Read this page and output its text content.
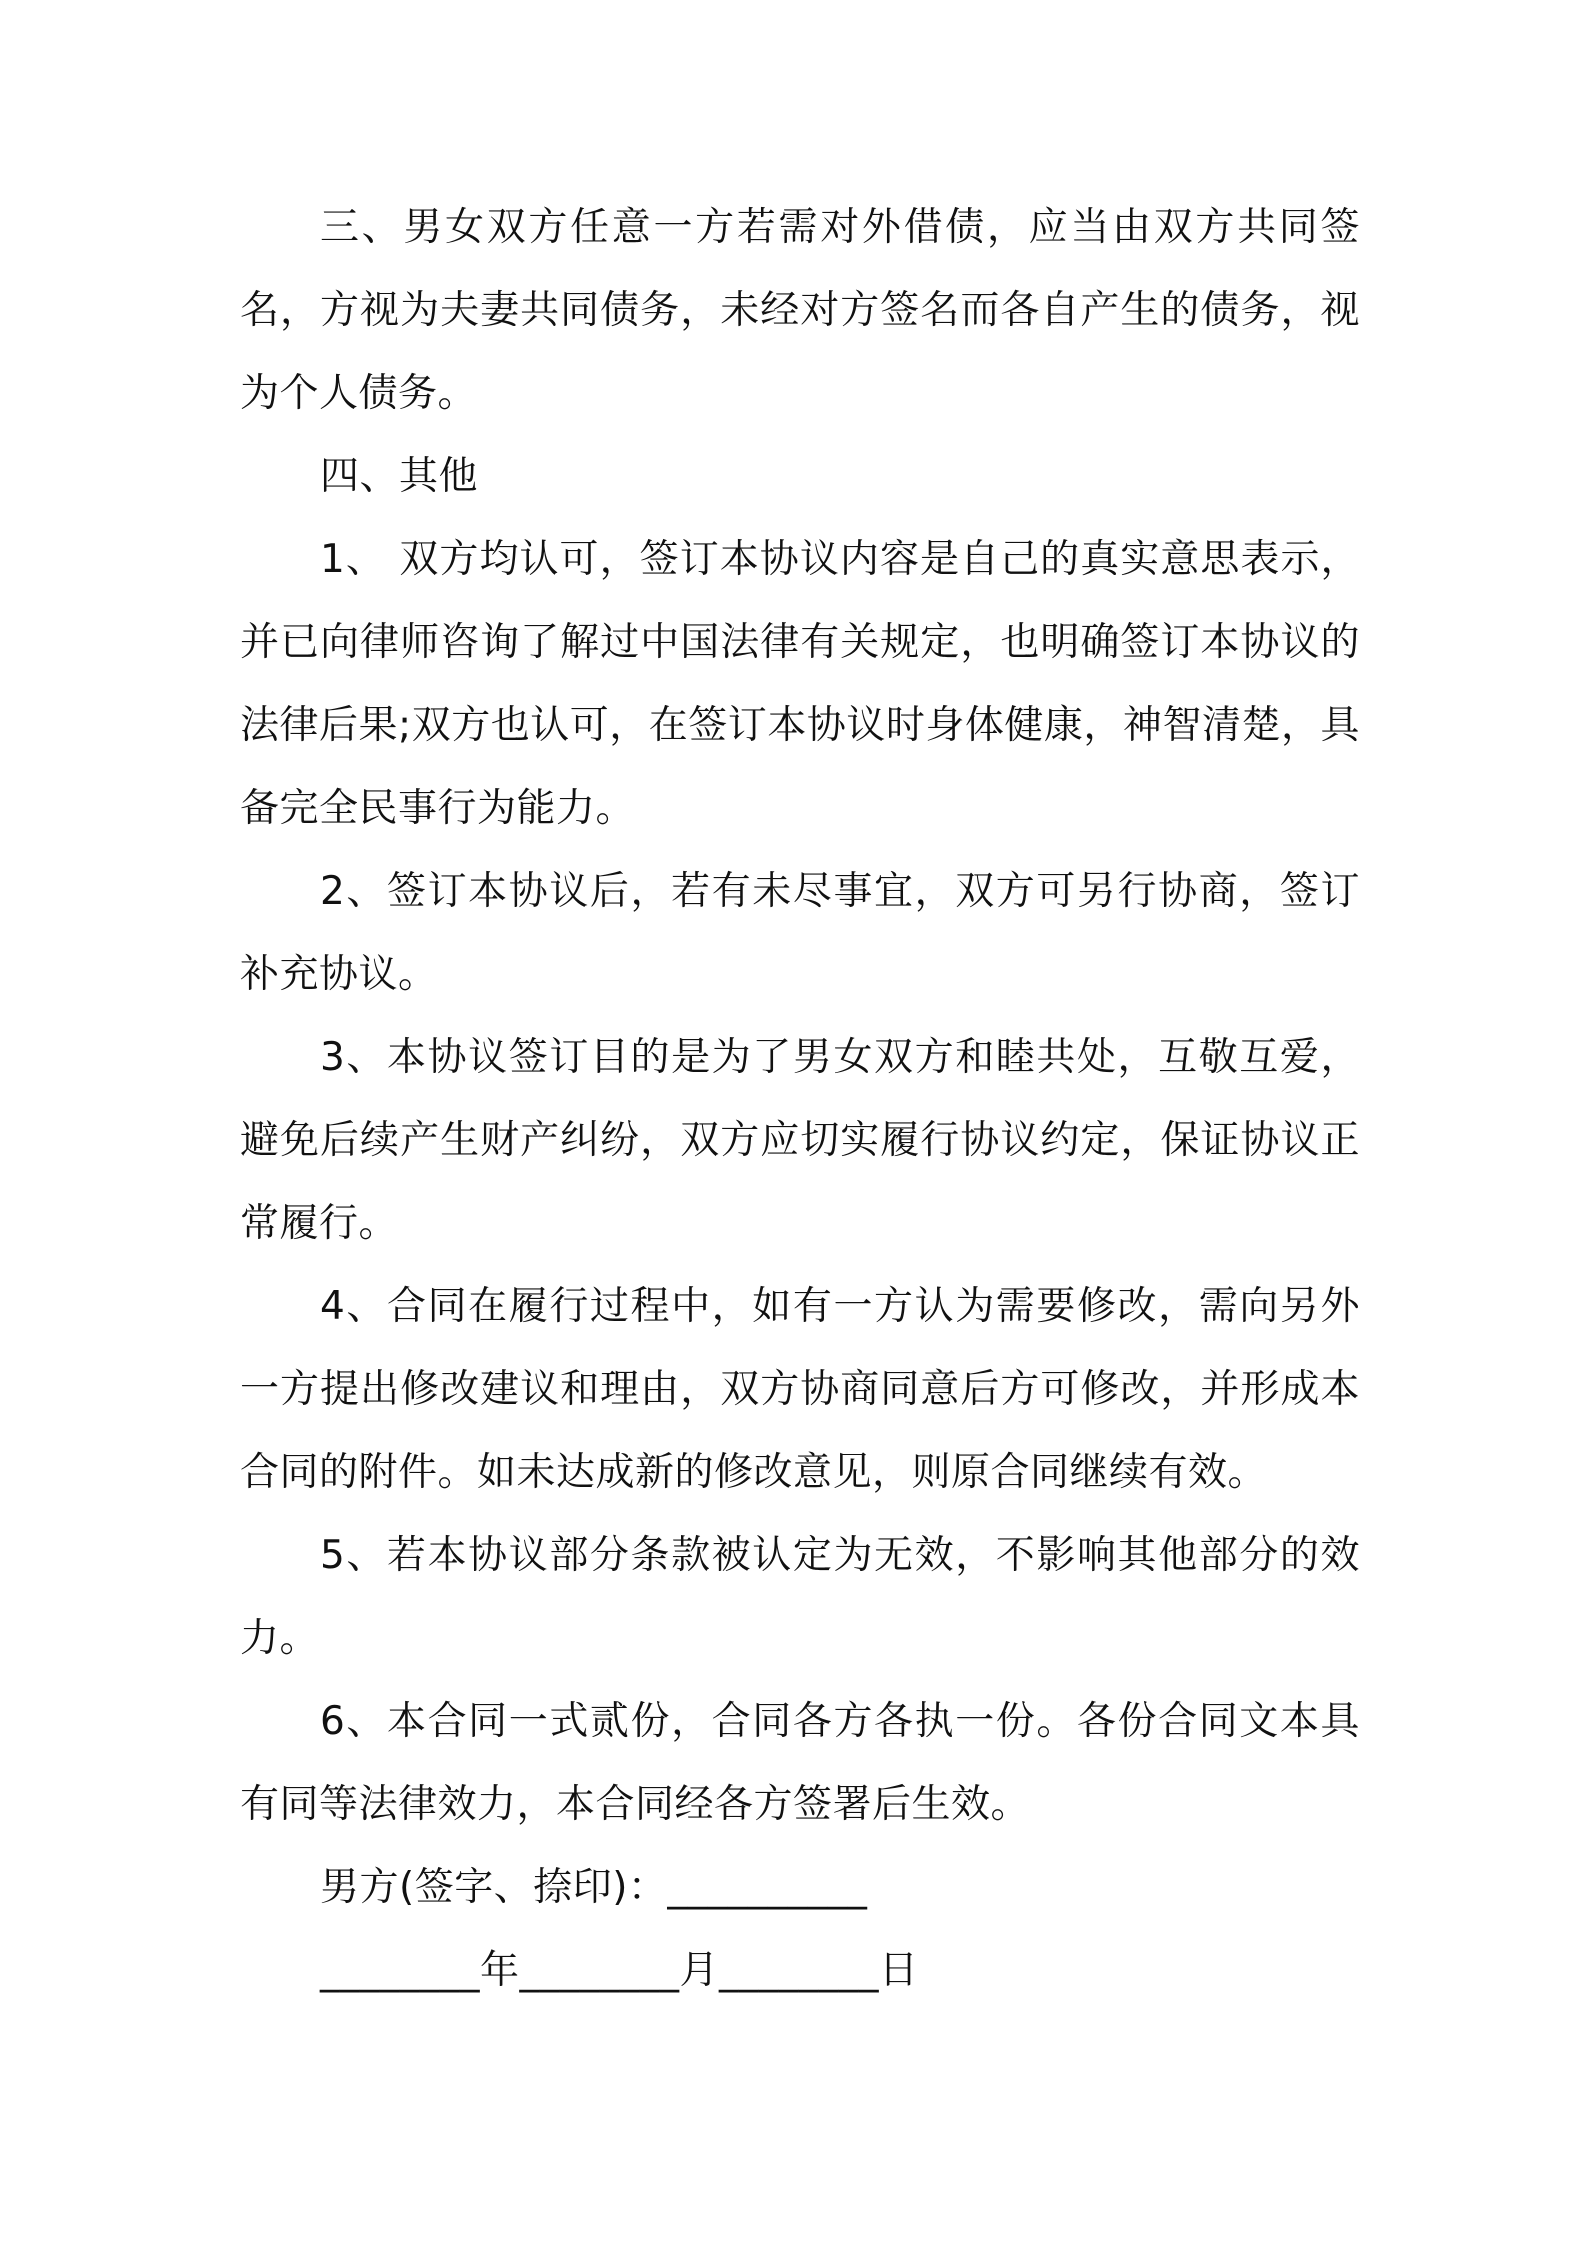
三、男女双方任意一方若需对外借债，应当由双方共同签名，方视为夫妻共同债务，未经对方签名而各自产生的债务，视为个人债务。

四、其他

1、 双方均认可，签订本协议内容是自己的真实意思表示，并已向律师咨询了解过中国法律有关规定，也明确签订本协议的法律后果;双方也认可，在签订本协议时身体健康，神智清楚，具备完全民事行为能力。

2、签订本协议后，若有未尽事宜，双方可另行协商，签订补充协议。

3、本协议签订目的是为了男女双方和睦共处，互敬互爱，避免后续产生财产纠纷，双方应切实履行协议约定，保证协议正常履行。

4、合同在履行过程中，如有一方认为需要修改，需向另外一方提出修改建议和理由，双方协商同意后方可修改，并形成本合同的附件。如未达成新的修改意见，则原合同继续有效。

5、若本协议部分条款被认定为无效，不影响其他部分的效力。

6、本合同一式贰份，合同各方各执一份。各份合同文本具有同等法律效力，本合同经各方签署后生效。

男方(签字、捺印)：__________

________年________月________日
